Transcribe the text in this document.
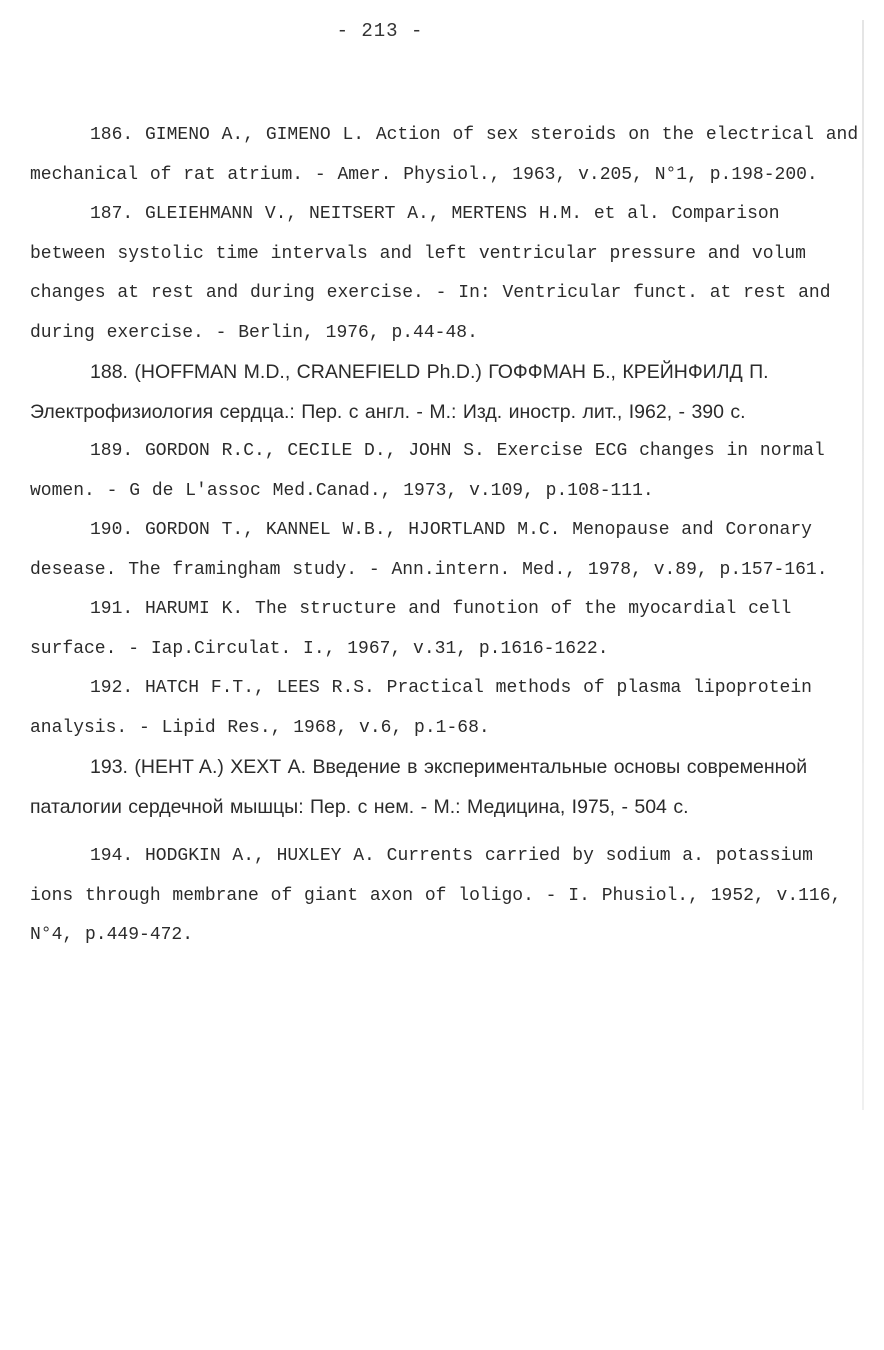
- 213 -

186. GIMENO A., GIMENO L. Action of sex steroids on the electrical and mechanical of rat atrium. - Amer. Physiol., 1963, v.205, N°1, p.198-200.

187. GLEIEHMANN V., NEITSERT A., MERTENS H.M. et al. Comparison between systolic time intervals and left ventricular pressure and volum changes at rest and during exercise. - In: Ventricular funct. at rest and during exercise. - Berlin, 1976, p.44-48.

188. (HOFFMAN M.D., CRANEFIELD Ph.D.) ГОФФМАН Б., КРЕЙНФИЛД П. Электрофизиология сердца.: Пер. с англ. - М.: Изд. иностр. лит., I962, - 390 с.

189. GORDON R.C., CECILE D., JOHN S. Exercise ECG changes in normal women. - G de L'assoc Med.Canad., 1973, v.109, p.108-111.

190. GORDON T., KANNEL W.B., HJORTLAND M.C. Menopause and Coronary desease. The framingham study. - Ann.intern. Med., 1978, v.89, p.157-161.

191. HARUMI K. The structure and funotion of the myocardial cell surface. - Iap.Circulat. I., 1967, v.31, p.1616-1622.

192. HATCH F.T., LEES R.S. Practical methods of plasma lipoprotein analysis. - Lipid Res., 1968, v.6, p.1-68.

193. (HEHT A.) ХЕХТ А. Введение в экспериментальные основы современной паталогии сердечной мышцы: Пер. с нем. - М.: Медицина, I975, - 504 с.

194. HODGKIN A., HUXLEY A. Currents carried by sodium a. potassium ions through membrane of giant axon of loligo. - I. Phusiol., 1952, v.116, N°4, p.449-472.
